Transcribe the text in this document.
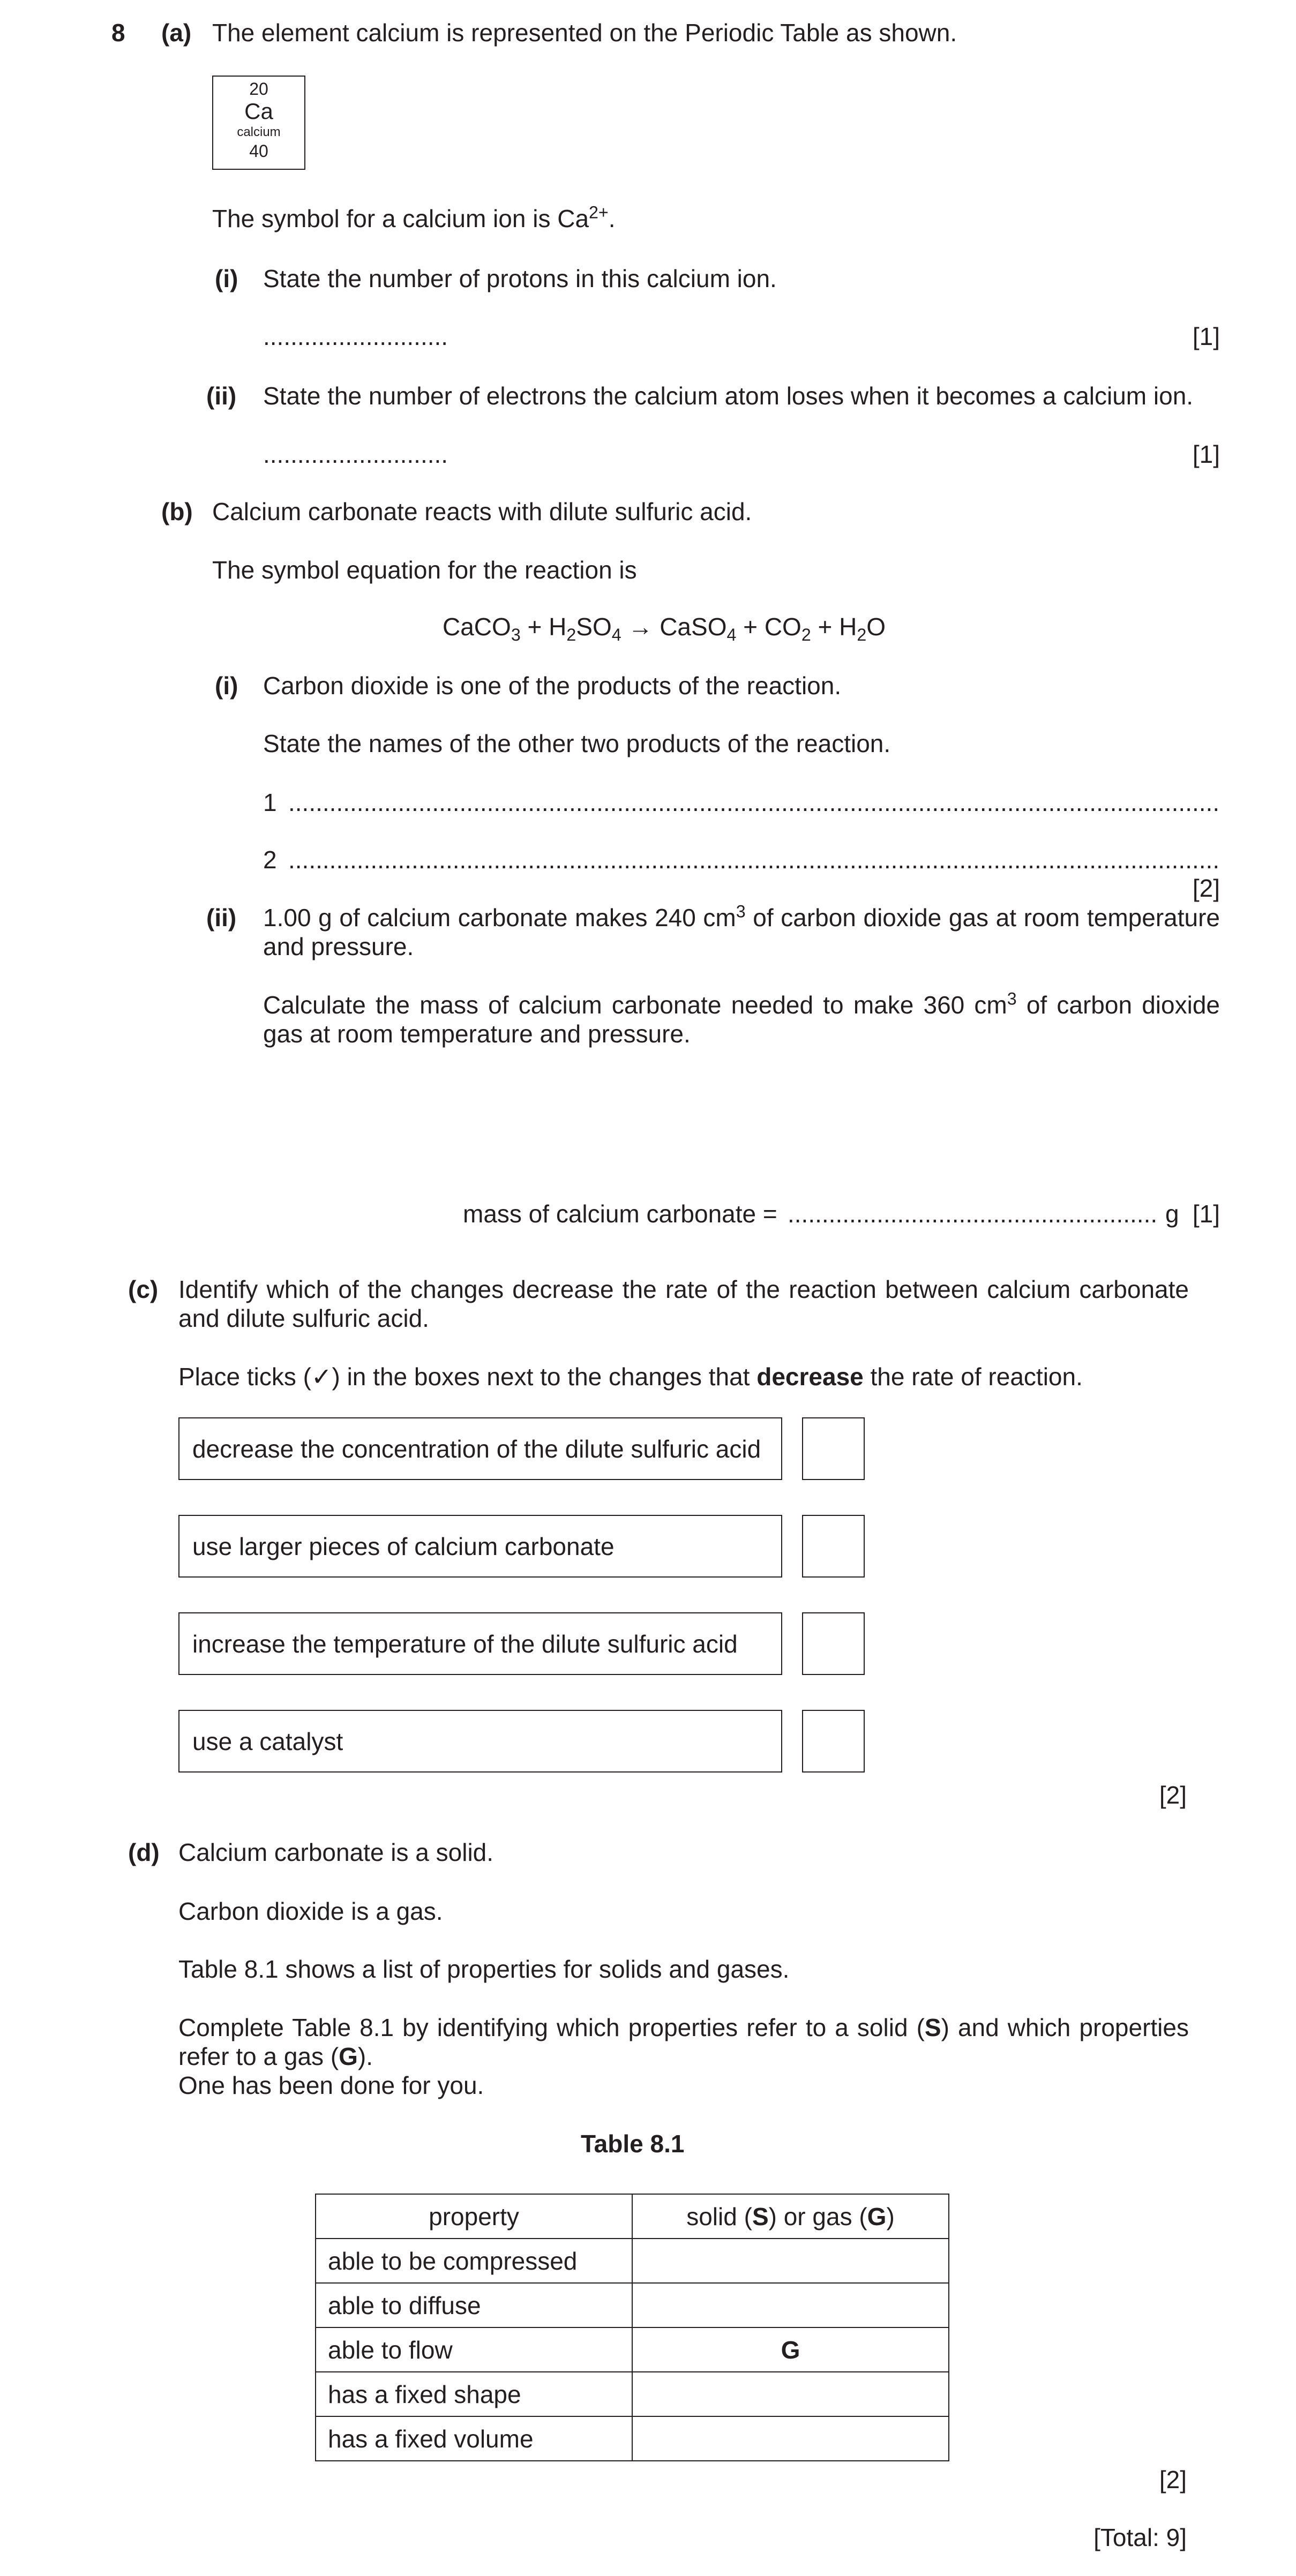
8 (a) The element calcium is represented on the Periodic Table as shown.
20
Ca
calcium
40
The symbol for a calcium ion is $Ca^{2+}$.
(i) State the number of protons in this calcium ion.
.....
[1]
(ii) State the number of electrons the calcium atom loses when it becomes a calcium ion.
.....
[1]
(b) Calcium carbonate reacts with dilute sulfuric acid.
The symbol equation for the reaction is
CaCO$_3$ + $H_2SO_4$ → CaSO$_4$ + $CO_2 + H_2O$
(i) Carbon dioxide is one of the products of the reaction.
State the names of the other two products of the reaction.
1
.....
2
.....
[2]
(ii) 1.00 g of calcium carbonate makes 240 $cm^3$ of carbon dioxide gas at room temperature and pressure.
Calculate the mass of calcium carbonate needed to make 360 $cm^3$ of carbon dioxide gas at room temperature and pressure.
mass of calcium carbonate = .....	g [1]
(c) Identify which of the changes decrease the rate of the reaction between calcium carbonate and dilute sulfuric acid.
Place ticks (✓) in the boxes next to the changes that decrease the rate of reaction.
decrease the concentration of the dilute sulfuric acid
use larger pieces of calcium carbonate
increase the temperature of the dilute sulfuric acid
use a catalyst
[2]
(d) Calcium carbonate is a solid.
Carbon dioxide is a gas.
Table 8.1 shows a list of properties for solids and gases.
Complete Table 8.1 by identifying which properties refer to a solid (S) and which properties refer to a gas (G).
One has been done for you.
Table 8.1
property	solid (S) or gas (G)
able to be compressed	
able to diffuse	
able to flow	G
has a fixed shape	
has a fixed volume	
[2]
[Total: 9]
